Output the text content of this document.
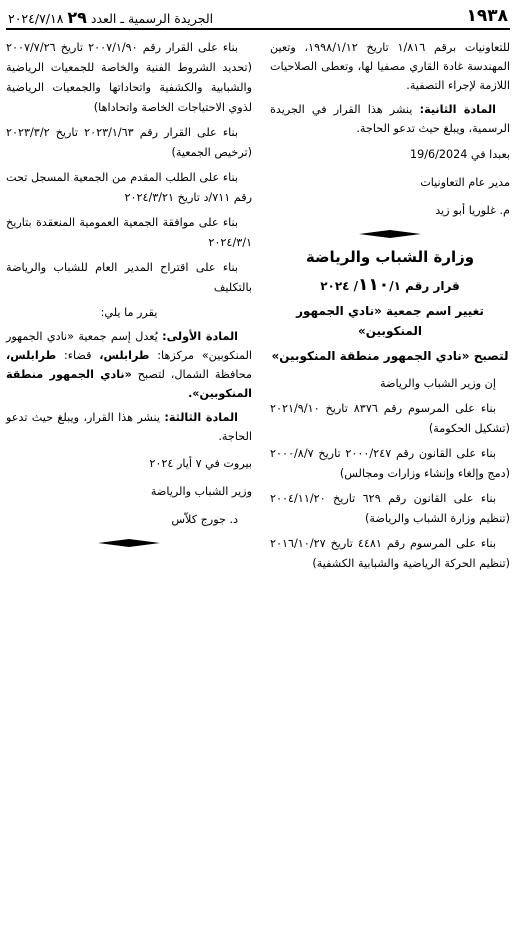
١٩٣٨
الجريدة الرسمية ـ العدد ٢٩ ٢٠٢٤/٧/١٨

للتعاونيات برقم ١/٨١٦ تاريخ ١٩٩٨/١/١٢، وتعين المهندسة غادة القاري مصفيا لها، وتعطى الصلاحيات اللازمة لإجراء التصفية.

المادة الثانية: ينشر هذا القرار في الجريدة الرسمية، ويبلغ حيث تدعو الحاجة.

بعبدا في 19/6/2024

مدير عام التعاونيات

م. غلوريا أبو زيد

وزارة الشباب والرياضة

قرار رقم ١١٠/١/ ٢٠٢٤

تغيير اسم جمعية «نادي الجمهور المنكوبين»

لتصبح «نادي الجمهور منطقة المنكوبين»

إن وزير الشباب والرياضة

بناء على المرسوم رقم ٨٣٧٦ تاريخ ٢٠٢١/٩/١٠ (تشكيل الحكومة)

بناء على القانون رقم ٢٠٠٠/٢٤٧ تاريخ ٢٠٠٠/٨/٧ (دمج وإلغاء وإنشاء وزارات ومجالس)

بناء على القانون رقم ٦٢٩ تاريخ ٢٠٠٤/١١/٢٠ (تنظيم وزارة الشباب والرياضة)

بناء على المرسوم رقم ٤٤٨١ تاريخ ٢٠١٦/١٠/٢٧ (تنظيم الحركة الرياضية والشبابية الكشفية)

بناء على القرار رقم ٢٠٠٧/١/٩٠ تاريخ ٢٠٠٧/٧/٢٦ (تحديد الشروط الفنية والخاصة للجمعيات الرياضية والشبابية والكشفية واتحاداتها والجمعيات الرياضية لذوي الاحتياجات الخاصة واتحاداها)

بناء على القرار رقم ٢٠٢٣/١/٦٣ تاريخ ٢٠٢٣/٣/٢ (ترخيص الجمعية)

بناء على الطلب المقدم من الجمعية المسجل تحت رقم ٧١١/د تاريخ ٢٠٢٤/٣/٢١

بناء على موافقة الجمعية العمومية المنعقدة بتاريخ ٢٠٢٤/٣/١

بناء على اقتراح المدير العام للشباب والرياضة بالتكليف

يقرر ما يلي:

المادة الأولى: يُعدل إسم جمعية «نادي الجمهور المنكوبين» مركزها: طرابلس، قضاء: طرابلس، محافظة الشمال، لتصبح «نادي الجمهور منطقة المنكوبين».

المادة الثالثة: ينشر هذا القرار، ويبلغ حيث تدعو الحاجة.

بيروت في ٧ أيار ٢٠٢٤

وزير الشباب والرياضة

د. جورج كلاّس
